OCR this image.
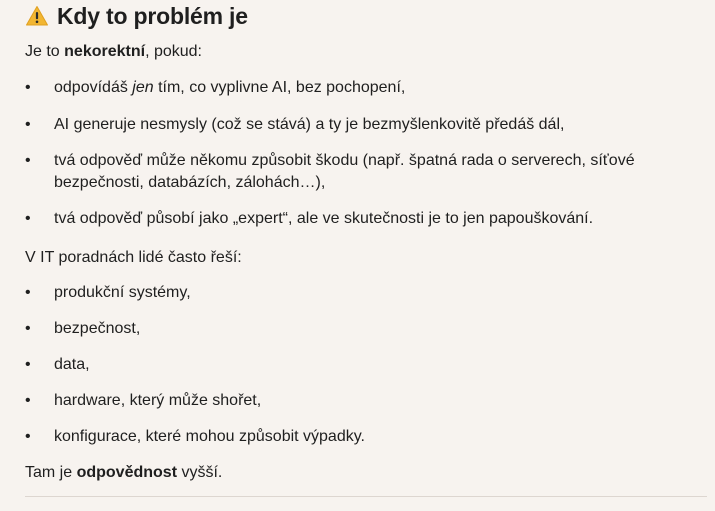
Kdy to problém je
Je to nekorektní, pokud:
•	odpovídáš jen tím, co vyplivne AI, bez pochopení,
•	AI generuje nesmysly (což se stává) a ty je bezmyšlenkovitě předáš dál,
•	tvá odpověď může někomu způsobit škodu (např. špatná rada o serverech, síťové bezpečnosti, databázích, zálohách…),
•	tvá odpověď působí jako „expert“, ale ve skutečnosti je to jen papouškování.
V IT poradnách lidé často řeší:
•	produkční systémy,
•	bezpečnost,
•	data,
•	hardware, který může shořet,
•	konfigurace, které mohou způsobit výpadky.
Tam je odpovědnost vyšší.
